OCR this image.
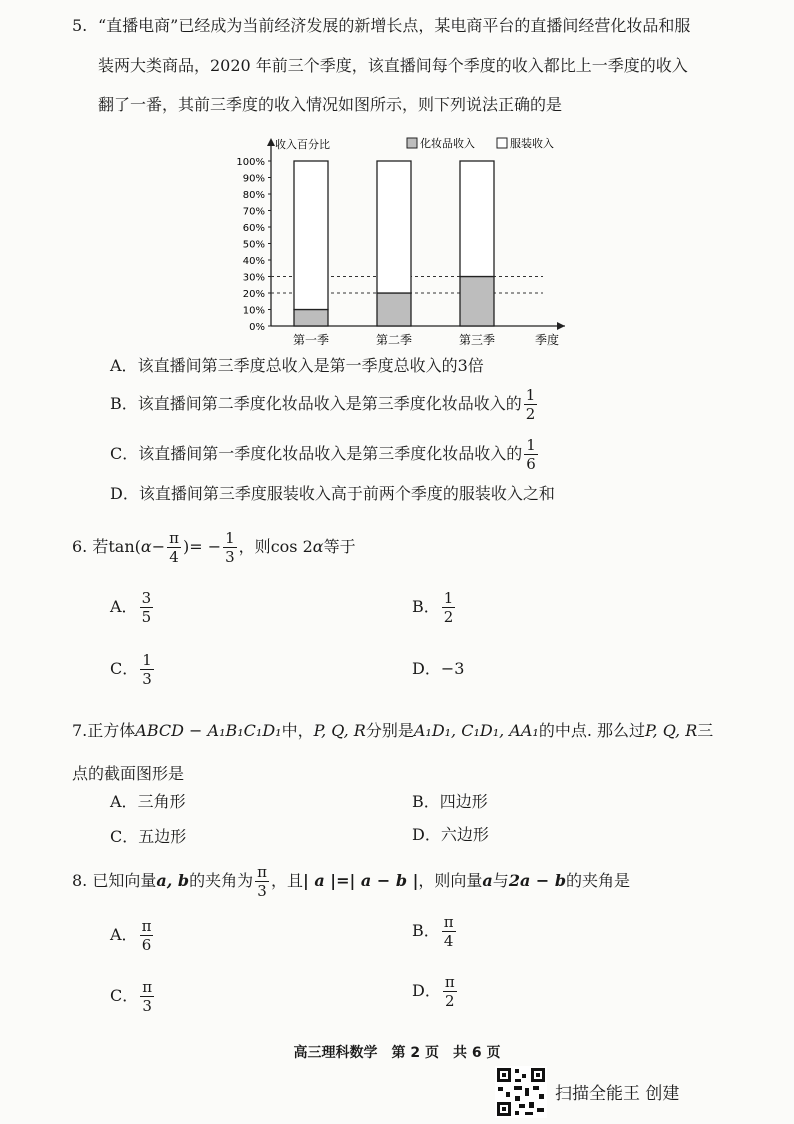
5. “直播电商”已经成为当前经济发展的新增长点，某电商平台的直播间经营化妆品和服
装两大类商品，2020 年前三个季度，该直播间每个季度的收入都比上一季度的收入
翻了一番，其前三季度的收入情况如图所示，则下列说法正确的是
收入百分比
季度
0%
10%
20%
30%
40%
50%
60%
70%
80%
90%
100%
第一季	第二季	第三季
化妆品收入	服装收入
A．该直播间第三季度总收入是第一季度总收入的3倍
B．该直播间第二季度化妆品收入是第三季度化妆品收入的 $\frac{1}{2}$
C．该直播间第一季度化妆品收入是第三季度化妆品收入的 $\frac{1}{6}$
D．该直播间第三季度服装收入高于前两个季度的服装收入之和
6. 若$\tan(\alpha- \frac{\pi}{4}$ )= − $\frac{1}{3}$ ，则cos 2α等于
A． $\frac{3}{5}$	B． $\frac{1}{2}$
C． $\frac{1}{3}$	D．−3
7.正方体ABCD − A₁B₁C₁D₁中，P, Q, R分别是A₁D₁, C₁D₁, AA₁的中点. 那么过P, Q, R三
点的截面图形是
A．三角形	B．四边形
C．五边形	D．六边形
8. 已知向量a, b的夹角为 $\frac{\pi}{3}$ ，且| a |=| a − b |，则向量a与2a − b的夹角是
A． $\frac{\pi}{6}$	B． $\frac{\pi}{4}$
C． $\frac{\pi}{3}$	D． $\frac{\pi}{2}$
高三理科数学　第 2 页　共 6 页
扫描全能王 创建
